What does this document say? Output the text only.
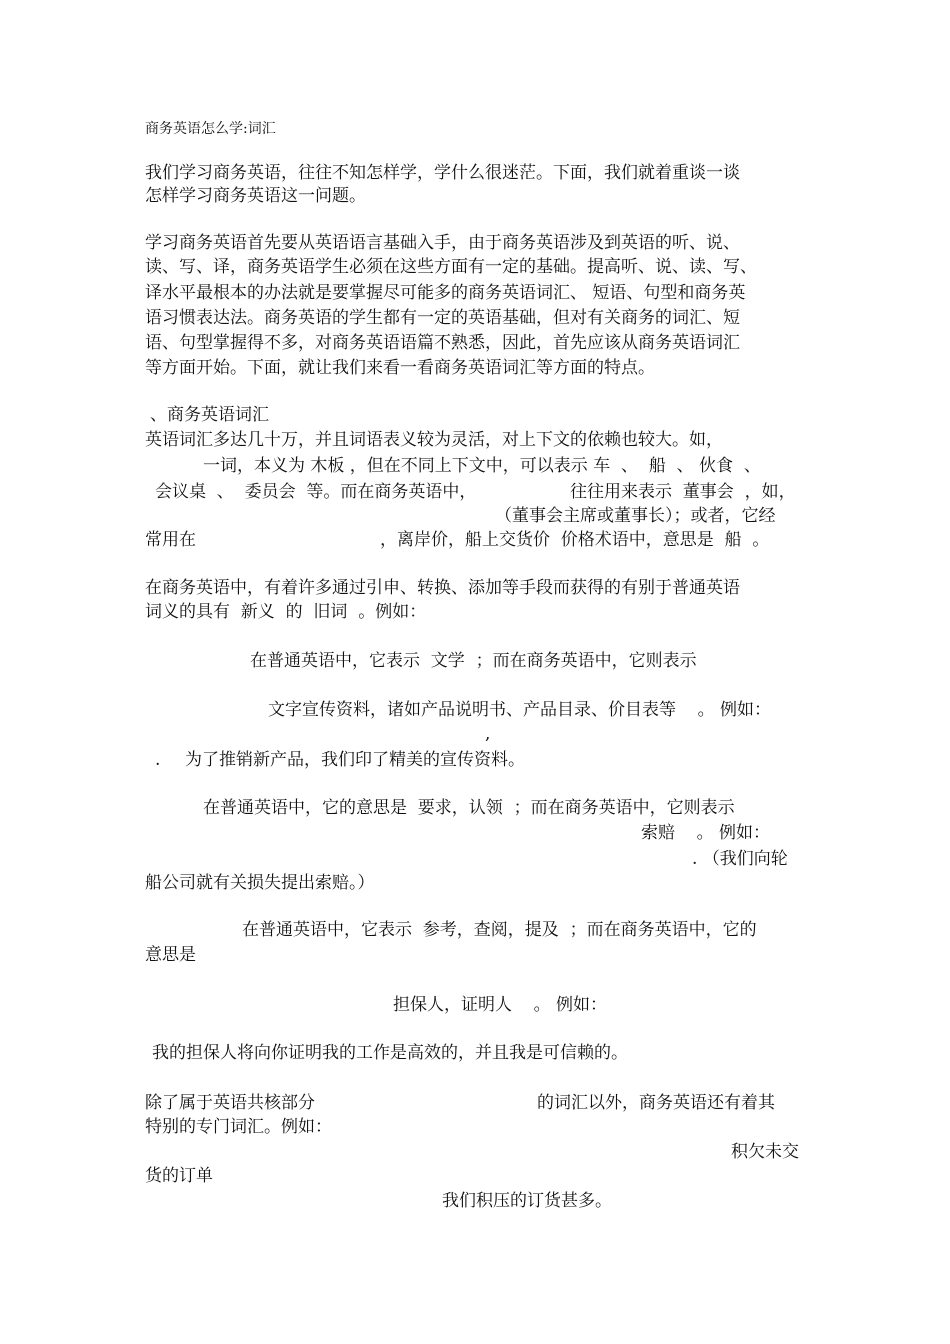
商务英语怎么学:词汇
我们学习商务英语，往往不知怎样学，学什么很迷茫。下面，我们就着重谈一谈
怎样学习商务英语这一问题。
学习商务英语首先要从英语语言基础入手，由于商务英语涉及到英语的听、说、
读、写、译，商务英语学生必须在这些方面有一定的基础。提高听、说、读、写、
译水平最根本的办法就是要掌握尽可能多的商务英语词汇、 短语、句型和商务英
语习惯表达法。商务英语的学生都有一定的英语基础，但对有关商务的词汇、短
语、句型掌握得不多，对商务英语语篇不熟悉，因此，首先应该从商务英语词汇
等方面开始。下面，就让我们来看一看商务英语词汇等方面的特点。
、商务英语词汇
英语词汇多达几十万，并且词语表义较为灵活，对上下文的依赖也较大。如，
一词，本义为 木板 ，但在不同上下文中，可以表示 车  、  船  、 伙食  、
会议桌  、  委员会  等。而在商务英语中，	往往用来表示  董事会  ，如，
（董事会主席或董事长）；或者，它经
常用在	，离岸价，船上交货价  价格术语中，意思是  船  。
在商务英语中，有着许多通过引申、转换、添加等手段而获得的有别于普通英语
词义的具有  新义  的  旧词  。例如：
在普通英语中，它表示  文学  ；而在商务英语中，它则表示
文字宣传资料，诸如产品说明书、产品目录、价目表等    。 例如：
,
. 为了推销新产品，我们印了精美的宣传资料。
在普通英语中，它的意思是  要求，认领  ；而在商务英语中，它则表示
索赔    。 例如：
. （我们向轮
船公司就有关损失提出索赔。）
在普通英语中，它表示  参考，查阅，提及  ；而在商务英语中，它的
意思是
担保人，证明人    。 例如：
我的担保人将向你证明我的工作是高效的，并且我是可信赖的。
除了属于英语共核部分	的词汇以外，商务英语还有着其
特别的专门词汇。例如：
积欠未交
货的订单
我们积压的订货甚多。
